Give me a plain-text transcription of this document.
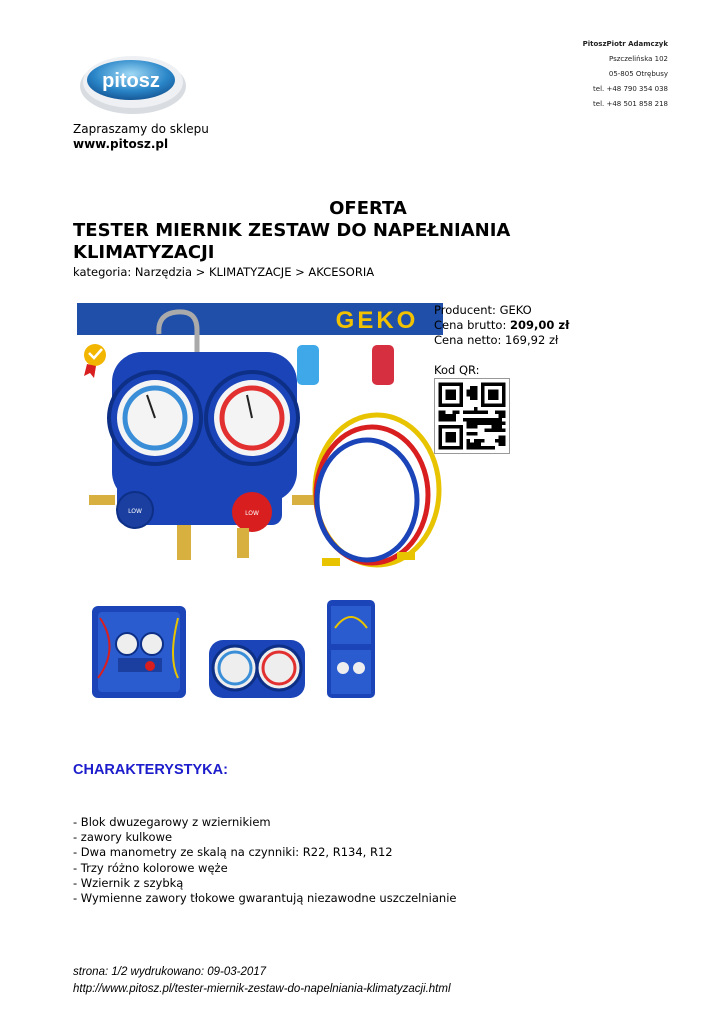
pitosz
PitoszPiotr Adamczyk
Pszczelińska 102
05-805 Otrębusy
tel. +48 790 354 038
tel. +48 501 858 218
Zapraszamy do sklepu
www.pitosz.pl
OFERTA
TESTER MIERNIK ZESTAW DO NAPEŁNIANIA
KLIMATYZACJI
kategoria: Narzędzia > KLIMATYZACJE > AKCESORIA
GEKO
LOW	LOW
Producent: GEKO
Cena brutto: 209,00 zł
Cena netto: 169,92 zł
Kod QR:
CHARAKTERYSTYKA:
- Blok dwuzegarowy z wziernikiem
- zawory kulkowe
- Dwa manometry ze skalą na czynniki: R22, R134, R12
- Trzy różno kolorowe węże
- Wziernik z szybką
- Wymienne zawory tłokowe gwarantują niezawodne uszczelnianie
strona: 1/2 wydrukowano: 09-03-2017
http://www.pitosz.pl/tester-miernik-zestaw-do-napelniania-klimatyzacji.html
